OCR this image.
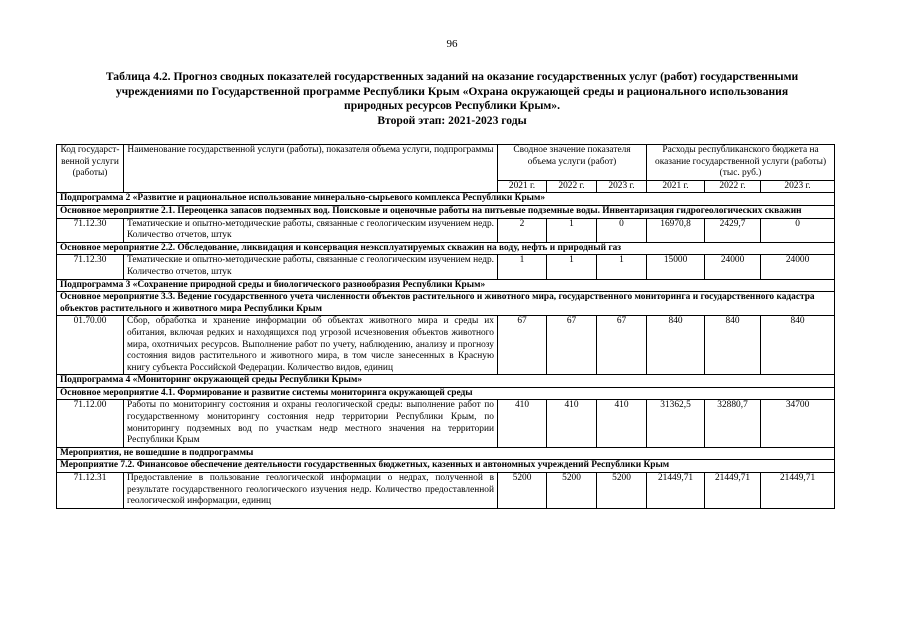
96
Таблица 4.2. Прогноз сводных показателей государственных заданий на оказание государственных услуг (работ) государственными
учреждениями по Государственной программе Республики Крым «Охрана окружающей среды и рационального использования
природных ресурсов Республики Крым».
Второй этап: 2021-2023 годы
Код государст-венной услуги (работы)	Наименование государственной услуги (работы), показателя объема услуги, подпрограммы	Сводное значение показателя объема услуги (работ)			Расходы республиканского бюджета на оказание государственной услуги (работы) (тыс. руб.)		
		2021 г.	2022 г.	2023 г.	2021 г.	2022 г.	2023 г.
Подпрограмма 2 «Развитие и рациональное использование минерально-сырьевого комплекса Республики Крым»							
Основное мероприятие 2.1. Переоценка запасов подземных вод. Поисковые и оценочные работы на питьевые подземные воды. Инвентаризация гидрогеологических скважин							
71.12.30	Тематические и опытно-методические работы, связанные с геологическим изучением недр. Количество отчетов, штук	2	1	0	16970,8	2429,7	0
Основное мероприятие 2.2. Обследование, ликвидация и консервация неэксплуатируемых скважин на воду, нефть и природный газ							
71.12.30	Тематические и опытно-методические работы, связанные с геологическим изучением недр. Количество отчетов, штук	1	1	1	15000	24000	24000
Подпрограмма 3 «Сохранение природной среды и биологического разнообразия Республики Крым»							
Основное мероприятие 3.3. Ведение государственного учета численности объектов растительного и животного мира, государственного мониторинга и государственного кадастра объектов растительного и животного мира Республики Крым							
01.70.00	Сбор, обработка и хранение информации об объектах животного мира и среды их обитания, включая редких и находящихся под угрозой исчезновения объектов животного мира, охотничьих ресурсов. Выполнение работ по учету, наблюдению, анализу и прогнозу состояния видов растительного и животного мира, в том числе занесенных в Красную книгу субъекта Российской Федерации. Количество видов, единиц	67	67	67	840	840	840
Подпрограмма 4 «Мониторинг окружающей среды Республики Крым»							
Основное мероприятие 4.1. Формирование и развитие системы мониторинга окружающей среды							
71.12.00	Работы по мониторингу состояния и охраны геологической среды: выполнение работ по государственному мониторингу состояния недр территории Республики Крым, по мониторингу подземных вод по участкам недр местного значения на территории Республики Крым	410	410	410	31362,5	32880,7	34700
Мероприятия, не вошедшие в подпрограммы							
Мероприятие 7.2. Финансовое обеспечение деятельности государственных бюджетных, казенных и автономных учреждений Республики Крым							
71.12.31	Предоставление в пользование геологической информации о недрах, полученной в результате государственного геологического изучения недр. Количество предоставленной геологической информации, единиц	5200	5200	5200	21449,71	21449,71	21449,71
